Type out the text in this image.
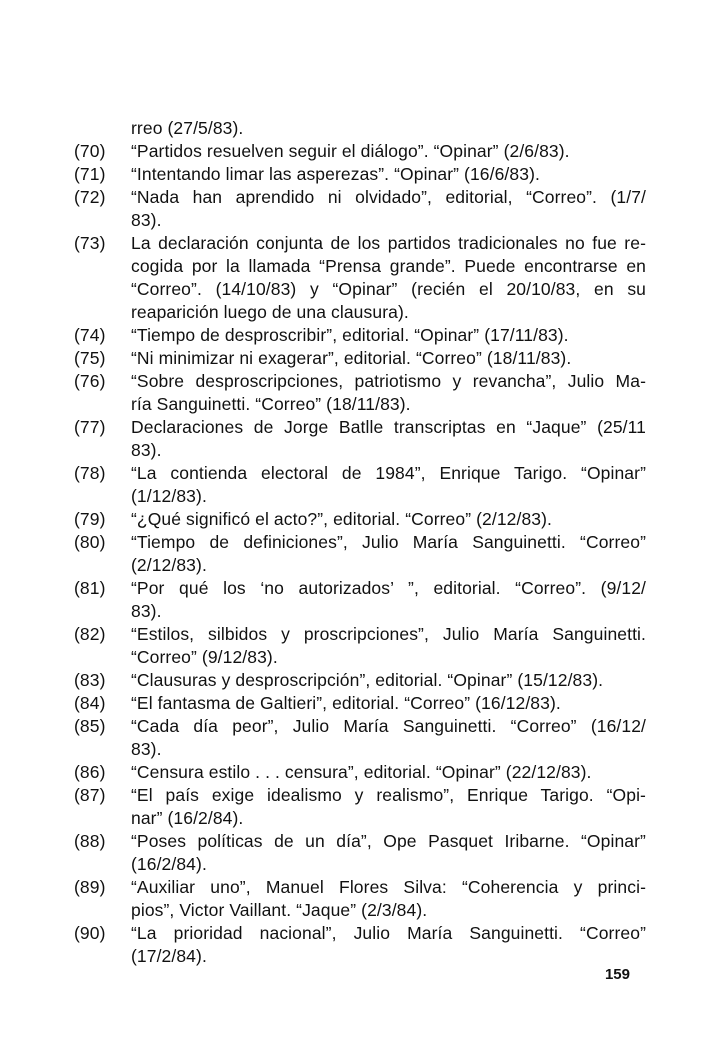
rreo (27/5/83).
(70)	“Partidos resuelven seguir el diálogo”. “Opinar” (2/6/83).
(71)	“Intentando limar las asperezas”. “Opinar” (16/6/83).
(72)	“Nada han aprendido ni olvidado”, editorial, “Correo”. (1/7/
83).
(73)	La declaración conjunta de los partidos tradicionales no fue re-
cogida por la llamada “Prensa grande”. Puede encontrarse en
“Correo”. (14/10/83) y “Opinar” (recién el 20/10/83, en su
reaparición luego de una clausura).
(74)	“Tiempo de desproscribir”, editorial. “Opinar” (17/11/83).
(75)	“Ni minimizar ni exagerar”, editorial. “Correo” (18/11/83).
(76)	“Sobre desproscripciones, patriotismo y revancha”, Julio Ma-
ría Sanguinetti. “Correo” (18/11/83).
(77)	Declaraciones de Jorge Batlle transcriptas en “Jaque” (25/11
83).
(78)	“La contienda electoral de 1984”, Enrique Tarigo. “Opinar”
(1/12/83).
(79)	“¿Qué significó el acto?”, editorial. “Correo” (2/12/83).
(80)	“Tiempo de definiciones”, Julio María Sanguinetti. “Correo”
(2/12/83).
(81)	“Por qué los ‘no autorizados’ ”, editorial. “Correo”. (9/12/
83).
(82)	“Estilos, silbidos y proscripciones”, Julio María Sanguinetti.
“Correo” (9/12/83).
(83)	“Clausuras y desproscripción”, editorial. “Opinar” (15/12/83).
(84)	“El fantasma de Galtieri”, editorial. “Correo” (16/12/83).
(85)	“Cada día peor”, Julio María Sanguinetti. “Correo” (16/12/
83).
(86)	“Censura estilo . . . censura”, editorial. “Opinar” (22/12/83).
(87)	“El país exige idealismo y realismo”, Enrique Tarigo. “Opi-
nar” (16/2/84).
(88)	“Poses políticas de un día”, Ope Pasquet Iribarne. “Opinar”
(16/2/84).
(89)	“Auxiliar uno”, Manuel Flores Silva: “Coherencia y princi-
pios”, Victor Vaillant. “Jaque” (2/3/84).
(90)	“La prioridad nacional”, Julio María Sanguinetti. “Correo”
(17/2/84).
159
